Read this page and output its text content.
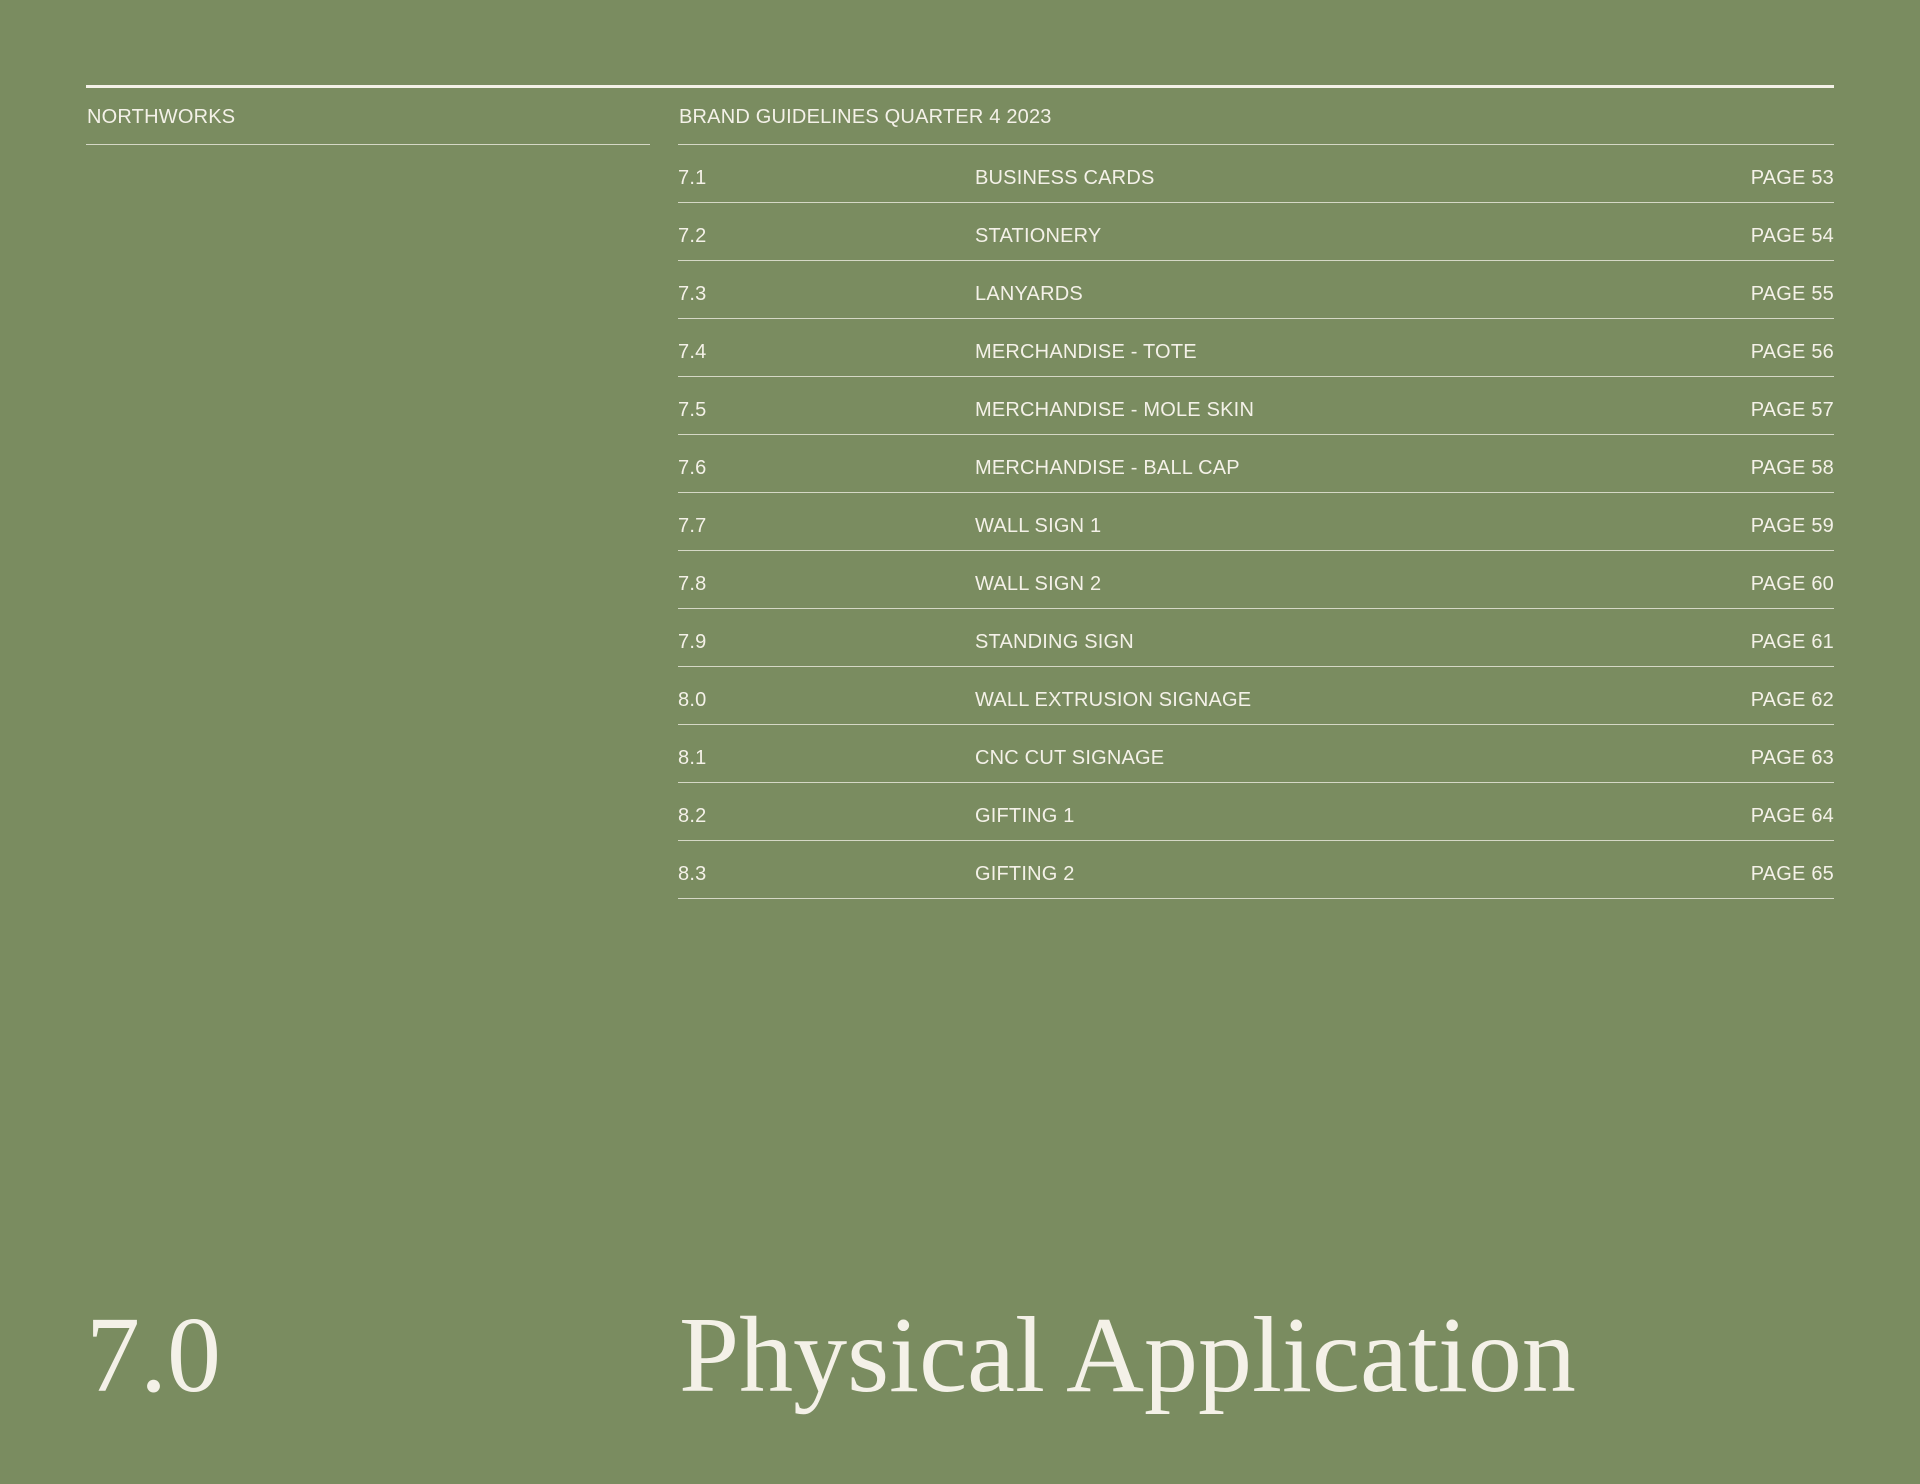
NORTHWORKS	BRAND GUIDELINES QUARTER 4 2023
7.1	BUSINESS CARDS	PAGE 53
7.2	STATIONERY	PAGE 54
7.3	LANYARDS	PAGE 55
7.4	MERCHANDISE - TOTE	PAGE 56
7.5	MERCHANDISE - MOLE SKIN	PAGE 57
7.6	MERCHANDISE - BALL CAP	PAGE 58
7.7	WALL SIGN 1	PAGE 59
7.8	WALL SIGN 2	PAGE 60
7.9	STANDING SIGN	PAGE 61
8.0	WALL EXTRUSION SIGNAGE	PAGE 62
8.1	CNC CUT SIGNAGE	PAGE 63
8.2	GIFTING 1	PAGE 64
8.3	GIFTING 2	PAGE 65
7.0	Physical Application
